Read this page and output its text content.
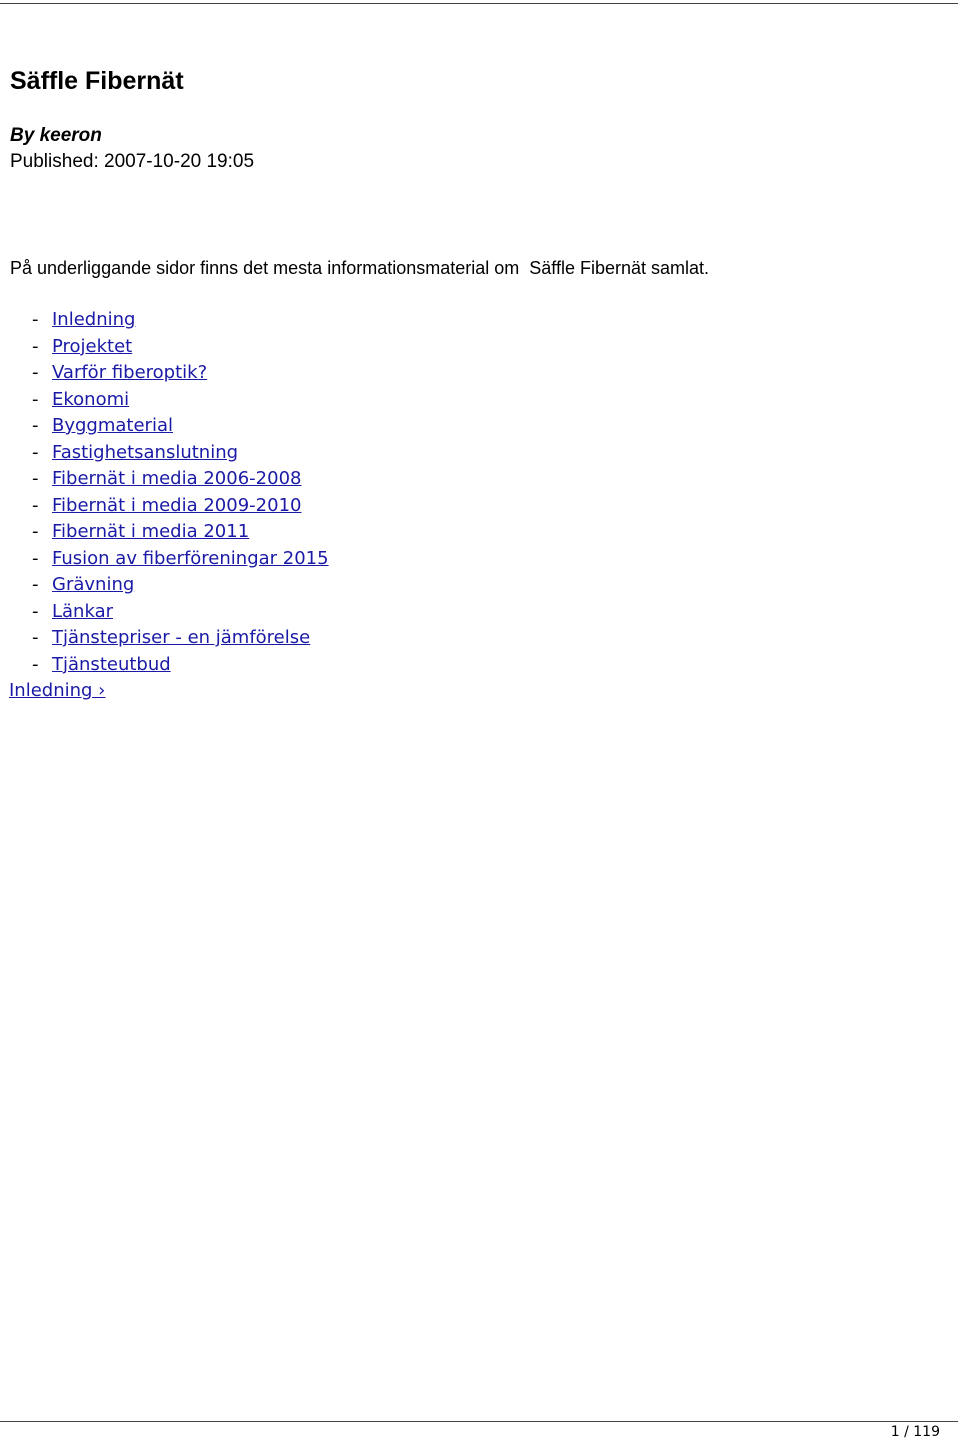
Säffle Fibernät
By keeron
Published: 2007-10-20 19:05
På underliggande sidor finns det mesta informationsmaterial om  Säffle Fibernät samlat.
- Inledning
- Projektet
- Varför fiberoptik?
- Ekonomi
- Byggmaterial
- Fastighetsanslutning
- Fibernät i media 2006-2008
- Fibernät i media 2009-2010
- Fibernät i media 2011
- Fusion av fiberföreningar 2015
- Grävning
- Länkar
- Tjänstepriser - en jämförelse
- Tjänsteutbud
Inledning ›
1 / 119
